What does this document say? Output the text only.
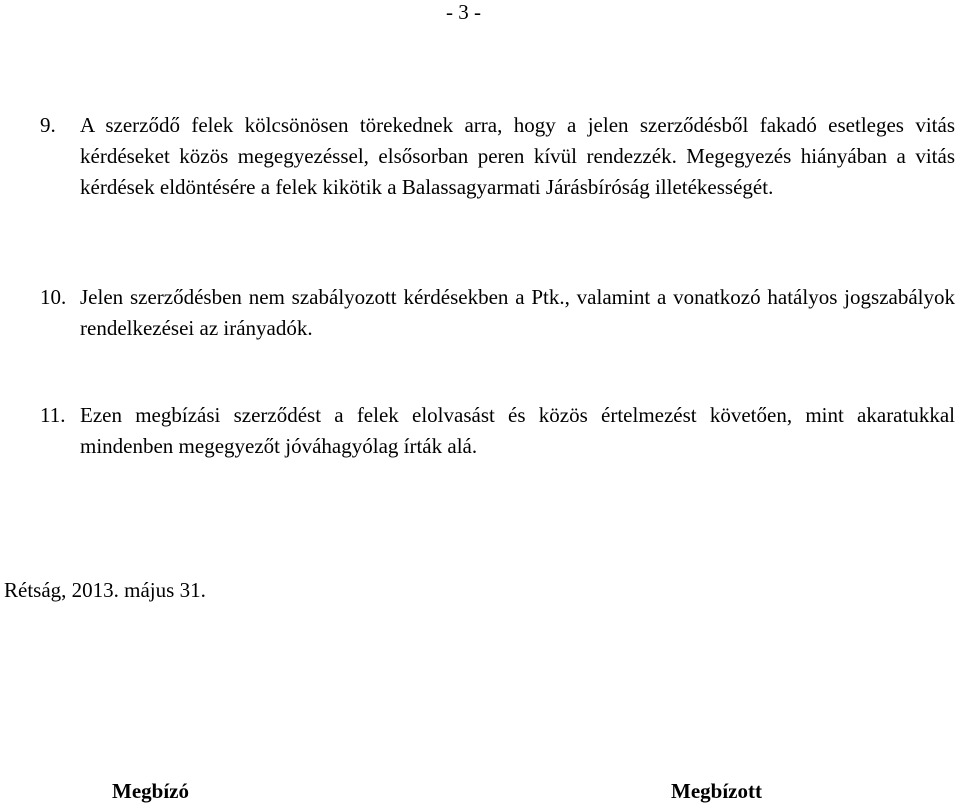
- 3 -
9. A szerződő felek kölcsönösen törekednek arra, hogy a jelen szerződésből fakadó esetleges vitás kérdéseket közös megegyezéssel, elsősorban peren kívül rendezzék. Megegyezés hiányában a vitás kérdések eldöntésére a felek kikötik a Balassagyarmati Járásbíróság illetékességét.
10. Jelen szerződésben nem szabályozott kérdésekben a Ptk., valamint a vonatkozó hatályos jogszabályok rendelkezései az irányadók.
11. Ezen megbízási szerződést a felek elolvasást és közös értelmezést követően, mint akaratukkal mindenben megegyezőt jóváhagyólag írták alá.
Rétság, 2013. május 31.
Megbízó	Megbízott
